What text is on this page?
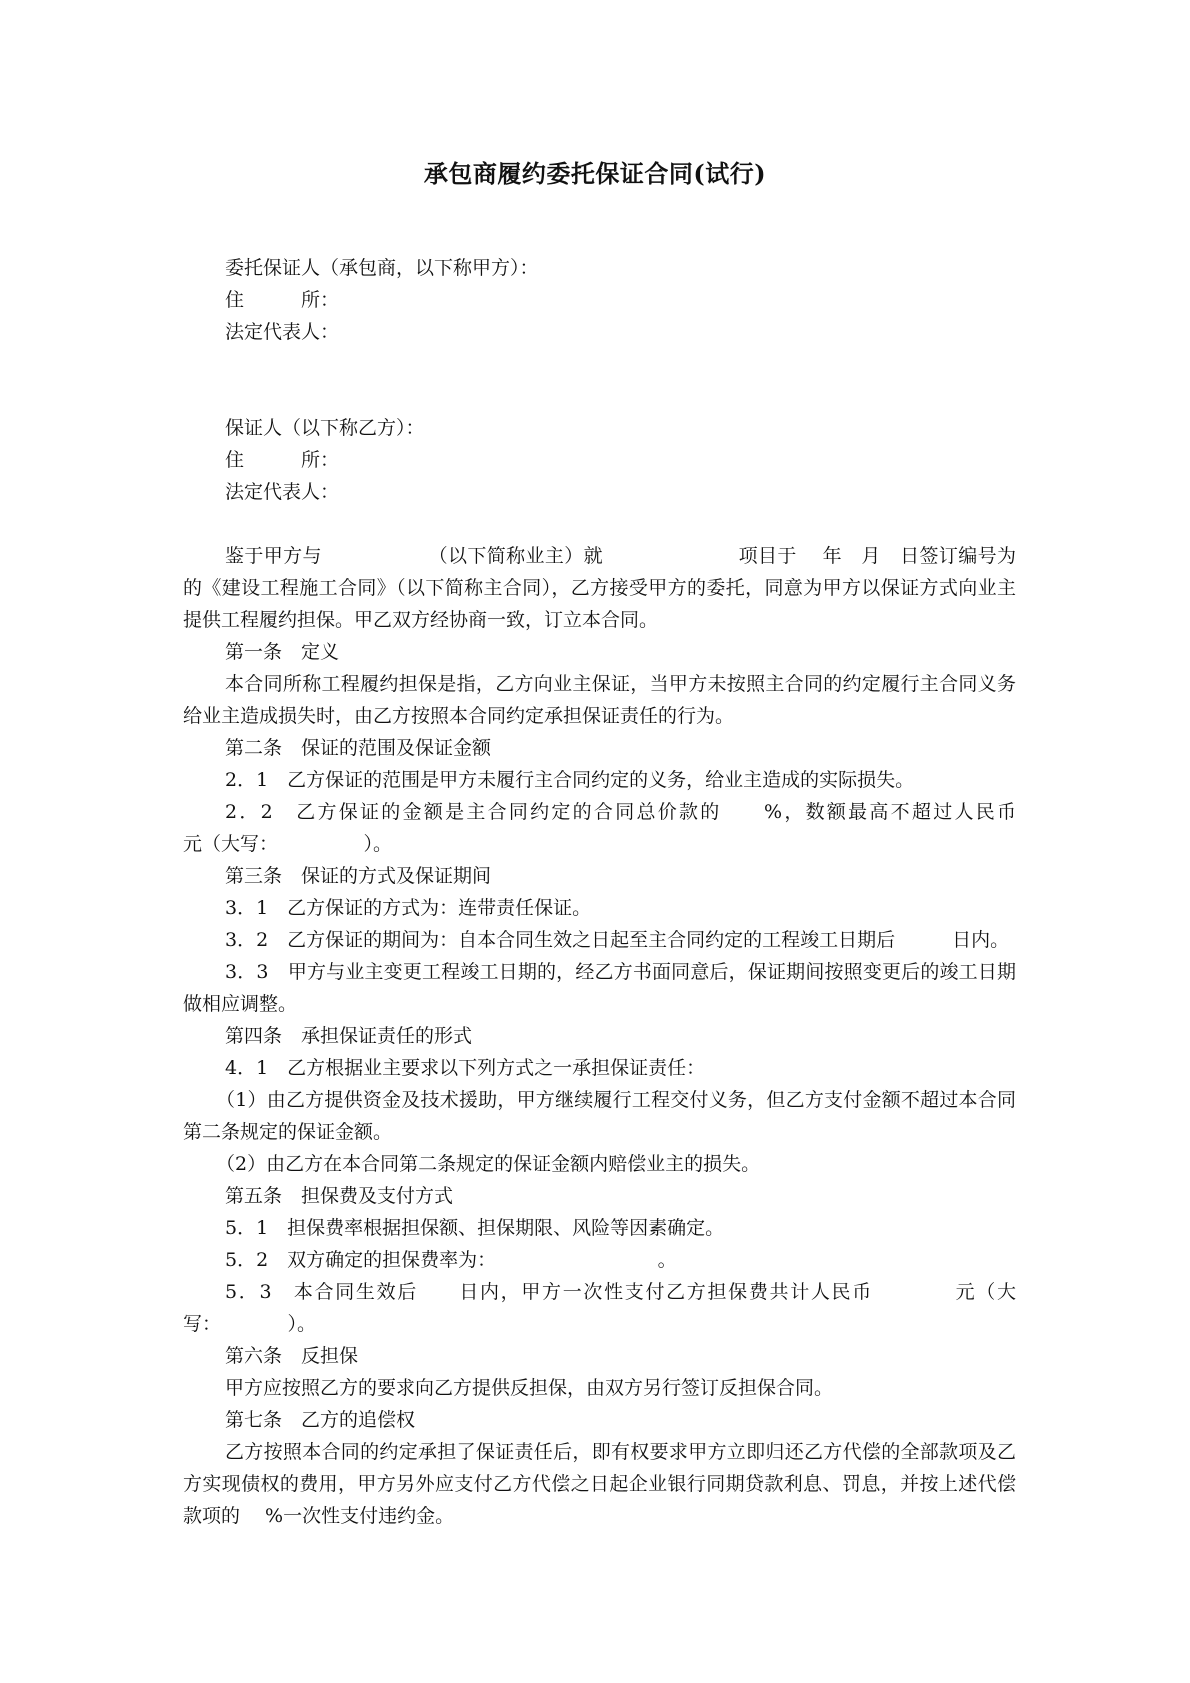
承包商履约委托保证合同(试行)

委托保证人（承包商，以下称甲方）：

住　　　所：

法定代表人：

保证人（以下称乙方）：

住　　　所：

法定代表人：

鉴于甲方与　　　　　　（以下简称业主）就　　　　　　　项目于　 年　月　日签订编号为　　　　　的《建设工程施工合同》（以下简称主合同），乙方接受甲方的委托，同意为甲方以保证方式向业主提供工程履约担保。甲乙双方经协商一致，订立本合同。

第一条　定义

本合同所称工程履约担保是指，乙方向业主保证，当甲方未按照主合同的约定履行主合同义务给业主造成损失时，由乙方按照本合同约定承担保证责任的行为。

第二条　保证的范围及保证金额

2．1　乙方保证的范围是甲方未履行主合同约定的义务，给业主造成的实际损失。

2．2　乙方保证的金额是主合同约定的合同总价款的　　%，数额最高不超过人民币　　　　元（大写：　　　　　）。

第三条　保证的方式及保证期间

3．1　乙方保证的方式为：连带责任保证。

3．2　乙方保证的期间为：自本合同生效之日起至主合同约定的工程竣工日期后　　　日内。

3．3　甲方与业主变更工程竣工日期的，经乙方书面同意后，保证期间按照变更后的竣工日期做相应调整。

第四条　承担保证责任的形式

4．1　乙方根据业主要求以下列方式之一承担保证责任：

（1）由乙方提供资金及技术援助，甲方继续履行工程交付义务，但乙方支付金额不超过本合同第二条规定的保证金额。

（2）由乙方在本合同第二条规定的保证金额内赔偿业主的损失。

第五条　担保费及支付方式

5．1　担保费率根据担保额、担保期限、风险等因素确定。

5．2　双方确定的担保费率为：　　　　　　　　　。

5．3　本合同生效后　　日内，甲方一次性支付乙方担保费共计人民币　　　　元（大写：　　　　）。

第六条　反担保

甲方应按照乙方的要求向乙方提供反担保，由双方另行签订反担保合同。

第七条　乙方的追偿权

乙方按照本合同的约定承担了保证责任后，即有权要求甲方立即归还乙方代偿的全部款项及乙方实现债权的费用，甲方另外应支付乙方代偿之日起企业银行同期贷款利息、罚息，并按上述代偿款项的　 %一次性支付违约金。
